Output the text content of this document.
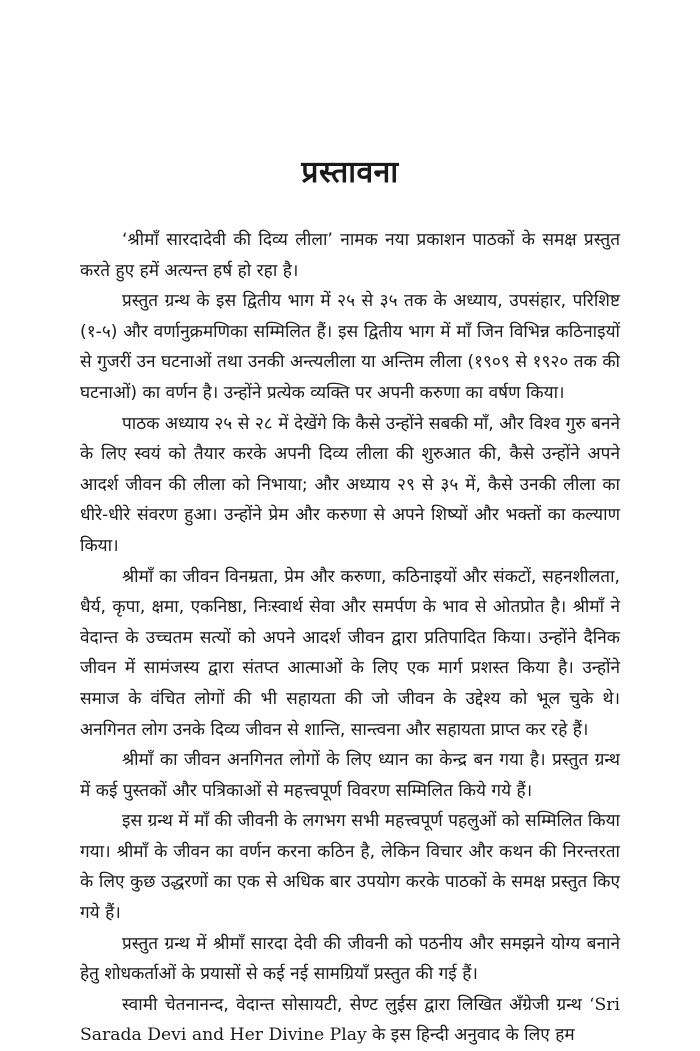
प्रस्तावना

‘श्रीमाँ सारदादेवी की दिव्य लीला’ नामक नया प्रकाशन पाठकों के समक्ष प्रस्तुत करते हुए हमें अत्यन्त हर्ष हो रहा है।

प्रस्तुत ग्रन्थ के इस द्वितीय भाग में २५ से ३५ तक के अध्याय, उपसंहार, परिशिष्ट (१-५) और वर्णानुक्रमणिका सम्मिलित हैं। इस द्वितीय भाग में माँ जिन विभिन्न कठिनाइयों से गुजरीं उन घटनाओं तथा उनकी अन्त्यलीला या अन्तिम लीला (१९०९ से १९२० तक की घटनाओं) का वर्णन है। उन्होंने प्रत्येक व्यक्ति पर अपनी करुणा का वर्षण किया।

पाठक अध्याय २५ से २८ में देखेंगे कि कैसे उन्होंने सबकी माँ, और विश्व गुरु बनने के लिए स्वयं को तैयार करके अपनी दिव्य लीला की शुरुआत की, कैसे उन्होंने अपने आदर्श जीवन की लीला को निभाया; और अध्याय २९ से ३५ में, कैसे उनकी लीला का धीरे-धीरे संवरण हुआ। उन्होंने प्रेम और करुणा से अपने शिष्यों और भक्तों का कल्याण किया।

श्रीमाँ का जीवन विनम्रता, प्रेम और करुणा, कठिनाइयों और संकटों, सहनशीलता, धैर्य, कृपा, क्षमा, एकनिष्ठा, निःस्वार्थ सेवा और समर्पण के भाव से ओतप्रोत है। श्रीमाँ ने वेदान्त के उच्चतम सत्यों को अपने आदर्श जीवन द्वारा प्रतिपादित किया। उन्होंने दैनिक जीवन में सामंजस्य द्वारा संतप्त आत्माओं के लिए एक मार्ग प्रशस्त किया है। उन्होंने समाज के वंचित लोगों की भी सहायता की जो जीवन के उद्देश्य को भूल चुके थे। अनगिनत लोग उनके दिव्य जीवन से शान्ति, सान्त्वना और सहायता प्राप्त कर रहे हैं।

श्रीमाँ का जीवन अनगिनत लोगों के लिए ध्यान का केन्द्र बन गया है। प्रस्तुत ग्रन्थ में कई पुस्तकों और पत्रिकाओं से महत्त्वपूर्ण विवरण सम्मिलित किये गये हैं।

इस ग्रन्थ में माँ की जीवनी के लगभग सभी महत्त्वपूर्ण पहलुओं को सम्मिलित किया गया। श्रीमाँ के जीवन का वर्णन करना कठिन है, लेकिन विचार और कथन की निरन्तरता के लिए कुछ उद्धरणों का एक से अधिक बार उपयोग करके पाठकों के समक्ष प्रस्तुत किए गये हैं।

प्रस्तुत ग्रन्थ में श्रीमाँ सारदा देवी की जीवनी को पठनीय और समझने योग्य बनाने हेतु शोधकर्ताओं के प्रयासों से कई नई सामग्रियाँ प्रस्तुत की गई हैं।

स्वामी चेतनानन्द, वेदान्त सोसायटी, सेण्ट लुईस द्वारा लिखित अँग्रेजी ग्रन्थ ‘Sri Sarada Devi and Her Divine Play के इस हिन्दी अनुवाद के लिए हम
